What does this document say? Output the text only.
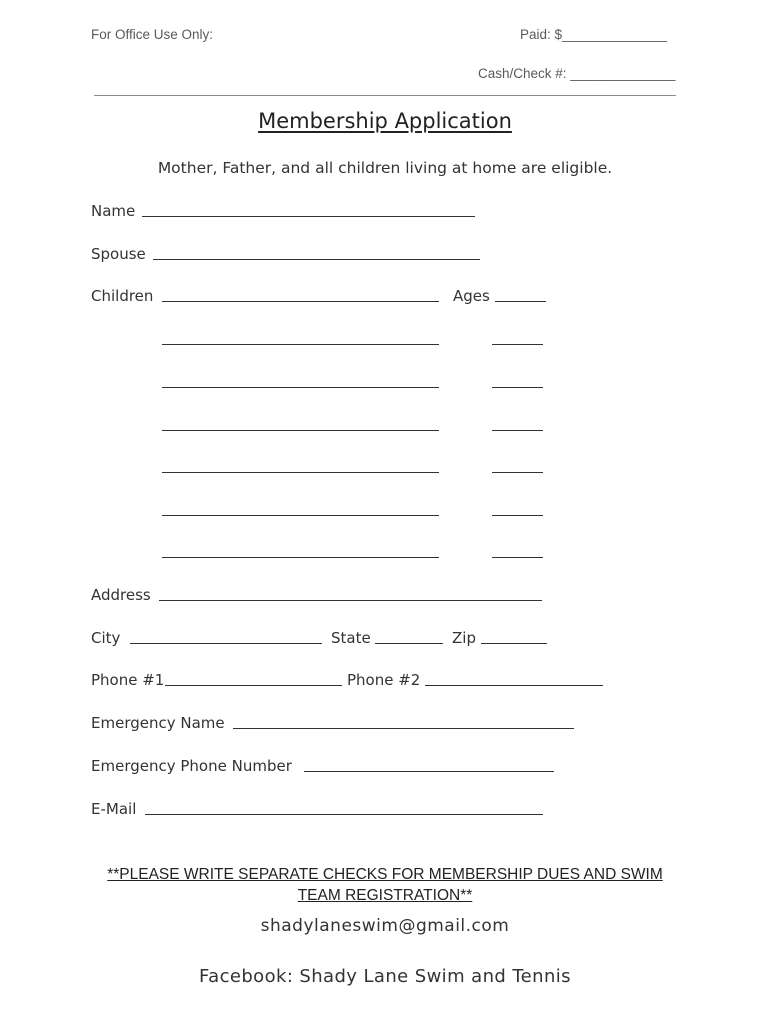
For Office Use Only:	Paid: $______________
Cash/Check #: ______________
Membership Application
Mother, Father, and all children living at home are eligible.
Name
Spouse
Children	Ages
Address
City	State	Zip
Phone #1	Phone #2
Emergency Name
Emergency Phone Number
E-Mail
**PLEASE WRITE SEPARATE CHECKS FOR MEMBERSHIP DUES AND SWIM TEAM REGISTRATION**
shadylaneswim@gmail.com
Facebook: Shady Lane Swim and Tennis
